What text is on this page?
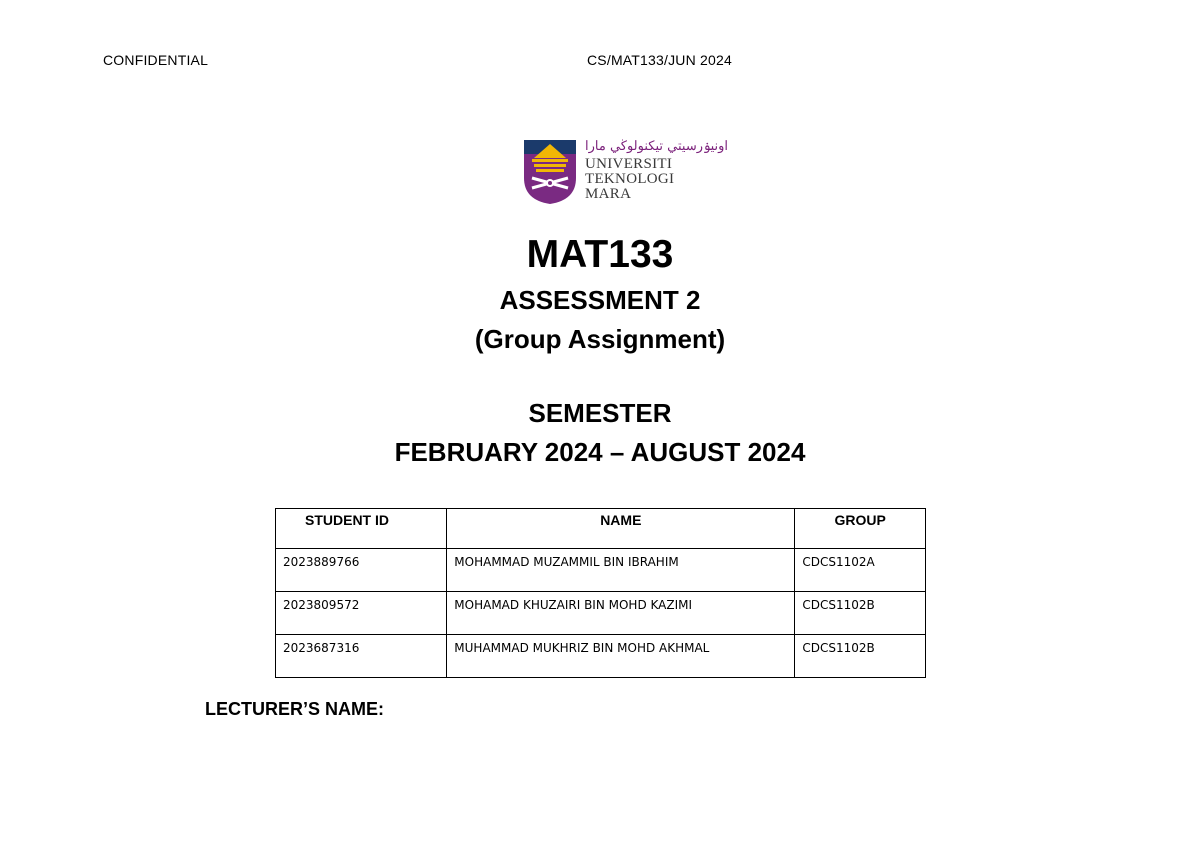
CONFIDENTIAL	CS/MAT133/JUN 2024
اونيۏرسيتي تيکنولوڬي مارا
UNIVERSITI
TEKNOLOGI
MARA
MAT133
ASSESSMENT 2
(Group Assignment)
SEMESTER
FEBRUARY 2024 – AUGUST 2024
STUDENT ID	NAME	GROUP
2023889766	MOHAMMAD MUZAMMIL BIN IBRAHIM	CDCS1102A
2023809572	MOHAMAD KHUZAIRI BIN MOHD KAZIMI	CDCS1102B
2023687316	MUHAMMAD MUKHRIZ BIN MOHD AKHMAL	CDCS1102B
LECTURER’S NAME:
